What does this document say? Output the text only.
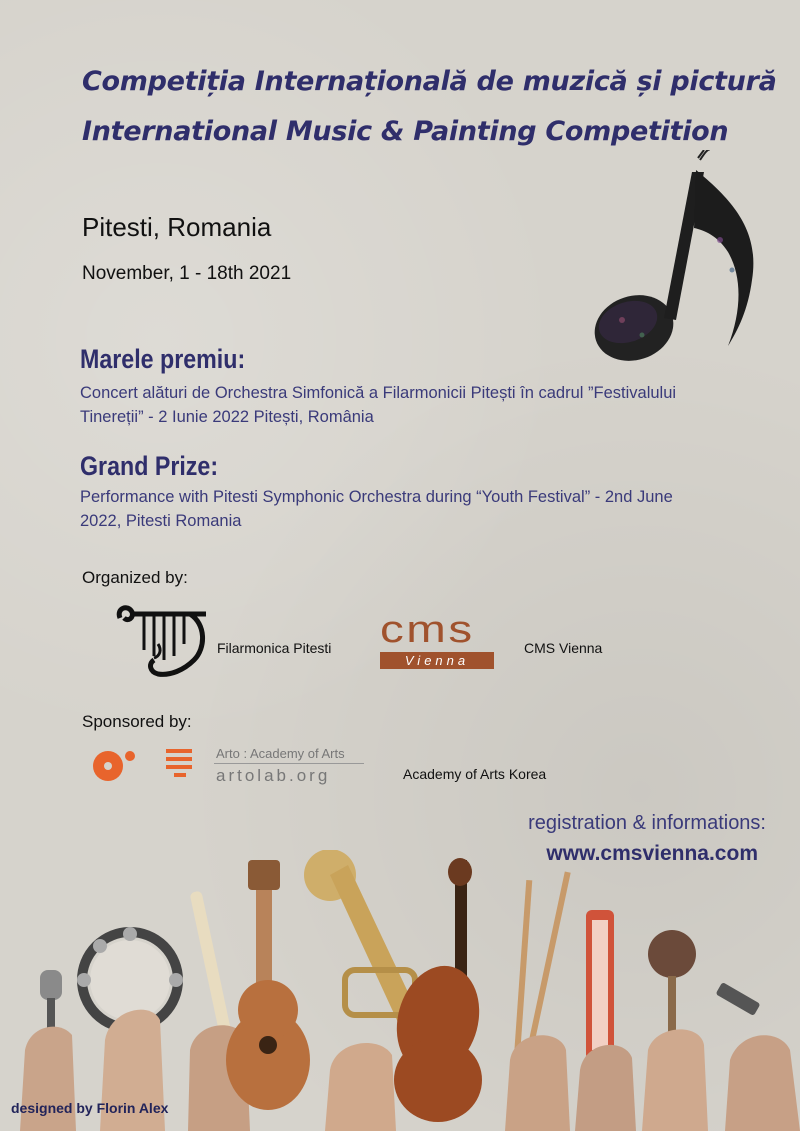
Competiția Internațională de muzică și pictură
International Music & Painting Competition
Pitesti, Romania
November, 1 - 18th 2021
Marele premiu:
Concert alături de Orchestra Simfonică a Filarmonicii Pitești în cadrul ”Festivalului
Tinereții” - 2 Iunie 2022 Pitești, România
Grand Prize:
Performance with Pitesti Symphonic Orchestra during “Youth Festival” - 2nd June
2022, Pitesti Romania
Organized by:
Filarmonica Pitesti cms
Vienna
CMS Vienna
Sponsored by:
Arto : Academy of Arts
artolab.org	Academy of Arts Korea
registration & informations:
www.cmsvienna.com
designed by Florin Alex
